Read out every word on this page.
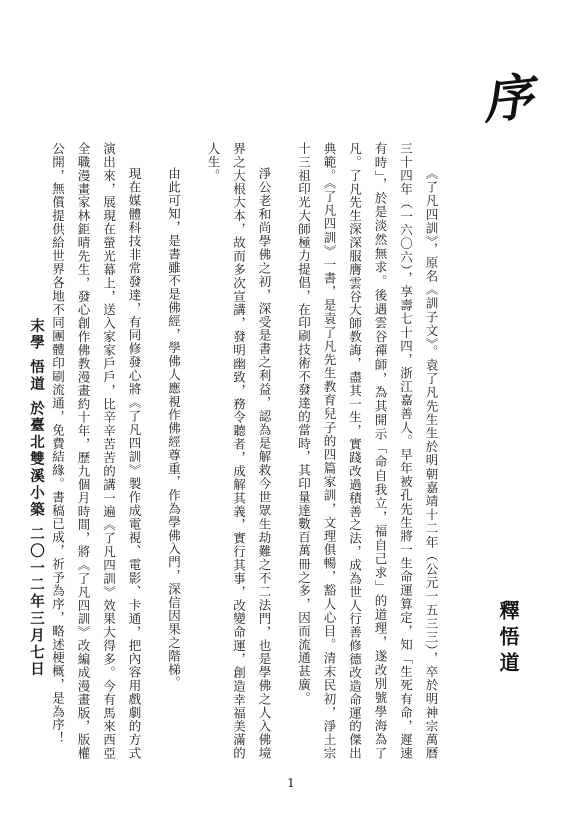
序
釋悟道

《了凡四訓》，原名《訓子文》。袁了凡先生生於明朝嘉靖十二年（公元一五三三），卒於明神宗萬曆三十四年（一六〇六），享壽七十四，浙江嘉善人。早年被孔先生將一生命運算定，知「生死有命，遲速有時」，於是淡然無求。後遇雲谷禪師，為其開示「命自我立，福自己求」的道理，遂改別號學海為了凡。了凡先生深深服膺雲谷大師教誨，盡其一生，實踐改過積善之法，成為世人行善修德改造命運的傑出典範。《了凡四訓》一書，是袁了凡先生教育兒子的四篇家訓，文理俱暢，豁人心目。清末民初，淨土宗十三祖印光大師極力提倡，在印刷技術不發達的當時，其印量達數百萬冊之多，因而流通甚廣。

淨公老和尚學佛之初，深受是書之利益，認為是解救今世眾生劫難之不二法門，也是學佛之人入佛境界之大根大本，故而多次宣講，發明幽致，務令聽者，成解其義，實行其事，改變命運，創造幸福美滿的人生。

由此可知，是書雖不是佛經，學佛人應視作佛經尊重，作為學佛入門，深信因果之階梯。

現在媒體科技非常發達，有同修發心將《了凡四訓》製作成電視、電影、卡通，把內容用戲劇的方式演出來，展現在螢光幕上，送入家家戶戶，比辛辛苦苦的講一遍《了凡四訓》效果大得多。今有馬來西亞全職漫畫家林鉅晴先生，發心創作佛教漫畫約十年，歷九個月時間，將《了凡四訓》改編成漫畫版，版權公開，無償提供給世界各地不同團體印刷流通，免費結緣。書稿已成，祈予為序，略述梗概，是為序！

末學 悟道 於臺北雙溪小築 二〇一二年三月七日
1
